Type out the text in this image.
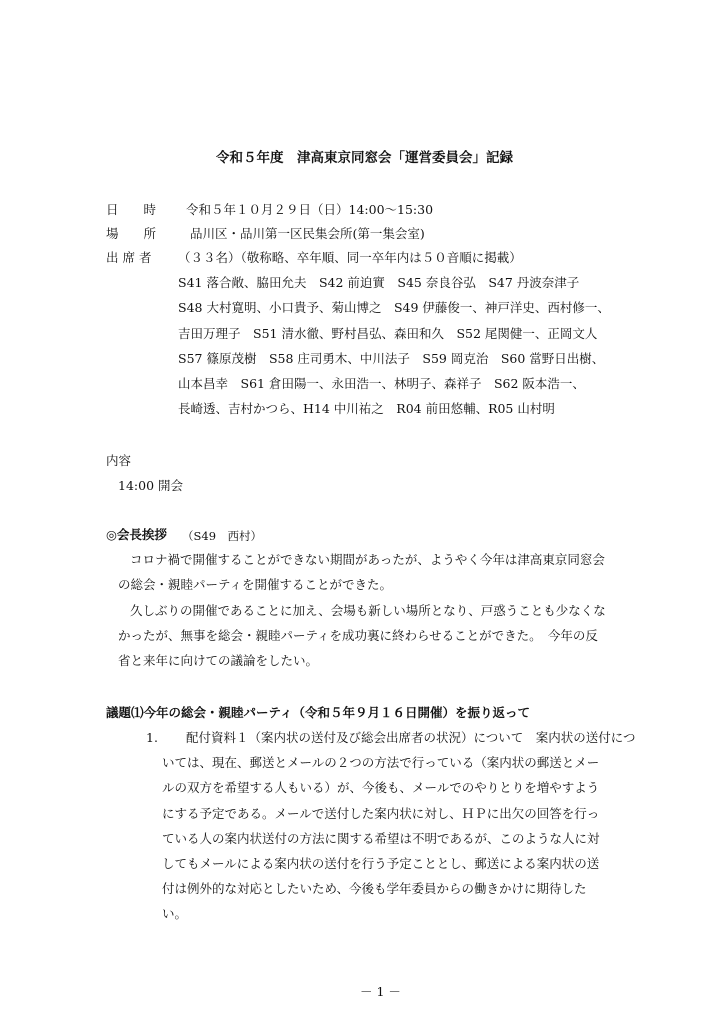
令和５年度　津高東京同窓会「運営委員会」記録
日　　時 令和５年１０月２９日（日）14:00～15:30
場　　所	品川区・品川第一区民集会所(第一集会室)
出 席 者 （３３名）（敬称略、卒年順、同一卒年内は５０音順に掲載）
S41 落合敞、脇田允夫　S42 前迫實　S45 奈良谷弘　S47 丹波奈津子
S48 大村寛明、小口貴予、菊山博之　S49 伊藤俊一、神戸洋史、西村修一、
吉田万理子　S51 清水徹、野村昌弘、森田和久　S52 尾関健一、正岡文人
S57 篠原茂樹　S58 庄司勇木、中川法子　S59 岡克治　S60 當野日出樹、
山本昌幸　S61 倉田陽一、永田浩一、林明子、森祥子　S62 阪本浩一、
長崎透、吉村かつら、H14 中川祐之　R04 前田悠輔、R05 山村明
内容
14:00 開会
◎会長挨拶 （S49　西村）
コロナ禍で開催することができない期間があったが、ようやく今年は津高東京同窓会
の総会・親睦パーティを開催することができた。
久しぶりの開催であることに加え、会場も新しい場所となり、戸惑うことも少なくな
かったが、無事を総会・親睦パーティを成功裏に終わらせることができた。　今年の反
省と来年に向けての議論をしたい。
議題⑴今年の総会・親睦パーティ（令和５年９月１６日開催）を振り返って
1. 配付資料１（案内状の送付及び総会出席者の状況）について　案内状の送付につ
いては、現在、郵送とメールの２つの方法で行っている（案内状の郵送とメー
ルの双方を希望する人もいる）が、今後も、メールでのやりとりを増やすよう
にする予定である。メールで送付した案内状に対し、ＨＰに出欠の回答を行っ
ている人の案内状送付の方法に関する希望は不明であるが、このような人に対
してもメールによる案内状の送付を行う予定こととし、郵送による案内状の送
付は例外的な対応としたいため、今後も学年委員からの働きかけに期待した
い。
－ 1 －
